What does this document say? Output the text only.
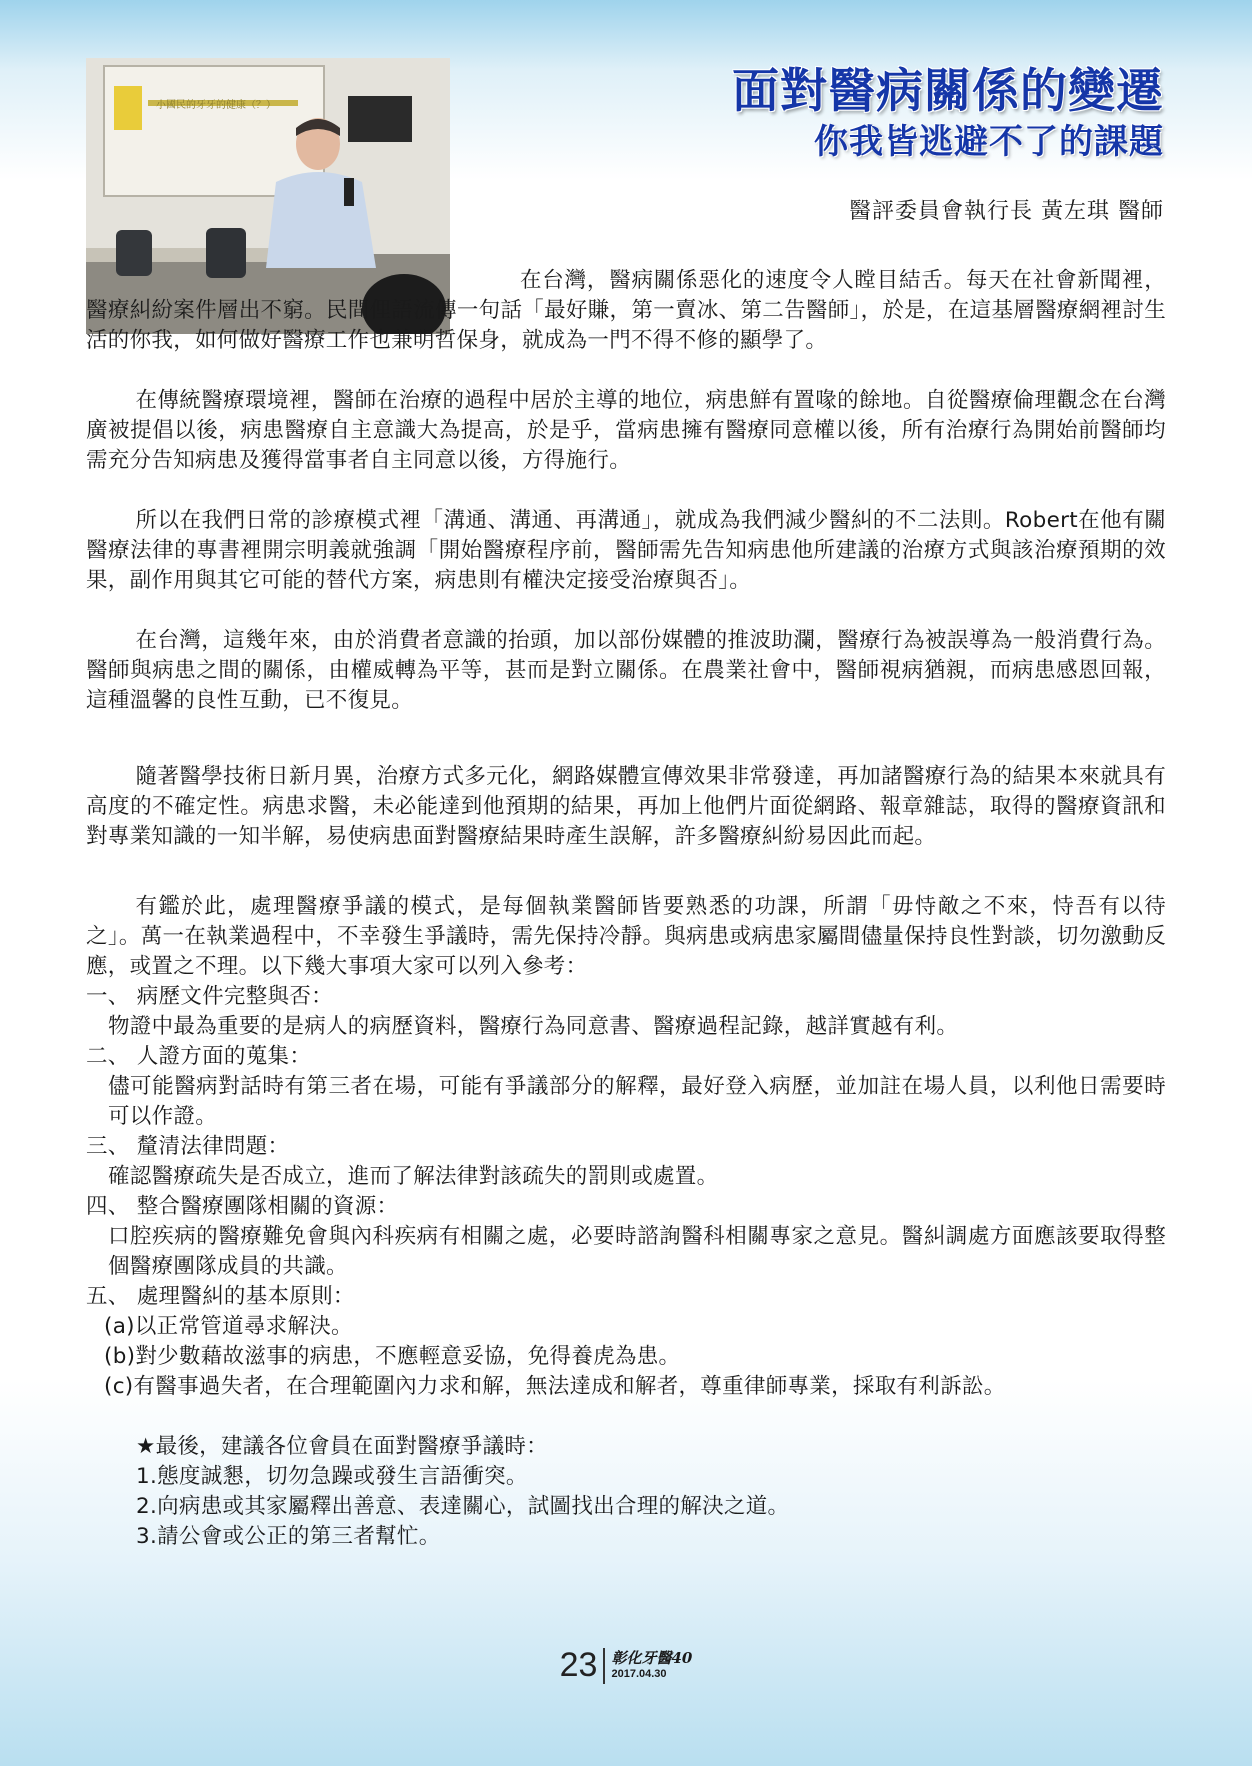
小國民的牙牙的健康（？）	面對醫病關係的變遷
你我皆逃避不了的課題
醫評委員會執行長 黃左琪 醫師

在台灣，醫病關係惡化的速度令人瞠目結舌。每天在社會新聞裡，醫療糾紛案件層出不窮。民間俚語流傳一句話「最好賺，第一賣冰、第二告醫師」，於是，在這基層醫療網裡討生活的你我，如何做好醫療工作也兼明哲保身，就成為一門不得不修的顯學了。

在傳統醫療環境裡，醫師在治療的過程中居於主導的地位，病患鮮有置喙的餘地。自從醫療倫理觀念在台灣廣被提倡以後，病患醫療自主意識大為提高，於是乎，當病患擁有醫療同意權以後，所有治療行為開始前醫師均需充分告知病患及獲得當事者自主同意以後，方得施行。

所以在我們日常的診療模式裡「溝通、溝通、再溝通」，就成為我們減少醫糾的不二法則。Robert在他有關醫療法律的專書裡開宗明義就強調「開始醫療程序前，醫師需先告知病患他所建議的治療方式與該治療預期的效果，副作用與其它可能的替代方案，病患則有權決定接受治療與否」。

在台灣，這幾年來，由於消費者意識的抬頭，加以部份媒體的推波助瀾，醫療行為被誤導為一般消費行為。醫師與病患之間的關係，由權威轉為平等，甚而是對立關係。在農業社會中，醫師視病猶親，而病患感恩回報，這種溫馨的良性互動，已不復見。

隨著醫學技術日新月異，治療方式多元化，網路媒體宣傳效果非常發達，再加諸醫療行為的結果本來就具有高度的不確定性。病患求醫，未必能達到他預期的結果，再加上他們片面從網路、報章雜誌，取得的醫療資訊和對專業知識的一知半解，易使病患面對醫療結果時產生誤解，許多醫療糾紛易因此而起。

有鑑於此，處理醫療爭議的模式，是每個執業醫師皆要熟悉的功課，所謂「毋恃敵之不來，恃吾有以待之」。萬一在執業過程中，不幸發生爭議時，需先保持冷靜。與病患或病患家屬間儘量保持良性對談，切勿激動反應，或置之不理。以下幾大事項大家可以列入參考：

一、 病歷文件完整與否：
物證中最為重要的是病人的病歷資料，醫療行為同意書、醫療過程記錄，越詳實越有利。
二、 人證方面的蒐集：
儘可能醫病對話時有第三者在場，可能有爭議部分的解釋，最好登入病歷，並加註在場人員，以利他日需要時可以作證。
三、 釐清法律問題：
確認醫療疏失是否成立，進而了解法律對該疏失的罰則或處置。
四、 整合醫療團隊相關的資源：
口腔疾病的醫療難免會與內科疾病有相關之處，必要時諮詢醫科相關專家之意見。醫糾調處方面應該要取得整個醫療團隊成員的共識。
五、 處理醫糾的基本原則：
(a)以正常管道尋求解決。
(b)對少數藉故滋事的病患，不應輕意妥協，免得養虎為患。
(c)有醫事過失者，在合理範圍內力求和解，無法達成和解者，尊重律師專業，採取有利訴訟。
★最後，建議各位會員在面對醫療爭議時：
1.態度誠懇，切勿急躁或發生言語衝突。
2.向病患或其家屬釋出善意、表達關心，試圖找出合理的解決之道。
3.請公會或公正的第三者幫忙。
23 彰化牙醫40
2017.04.30
